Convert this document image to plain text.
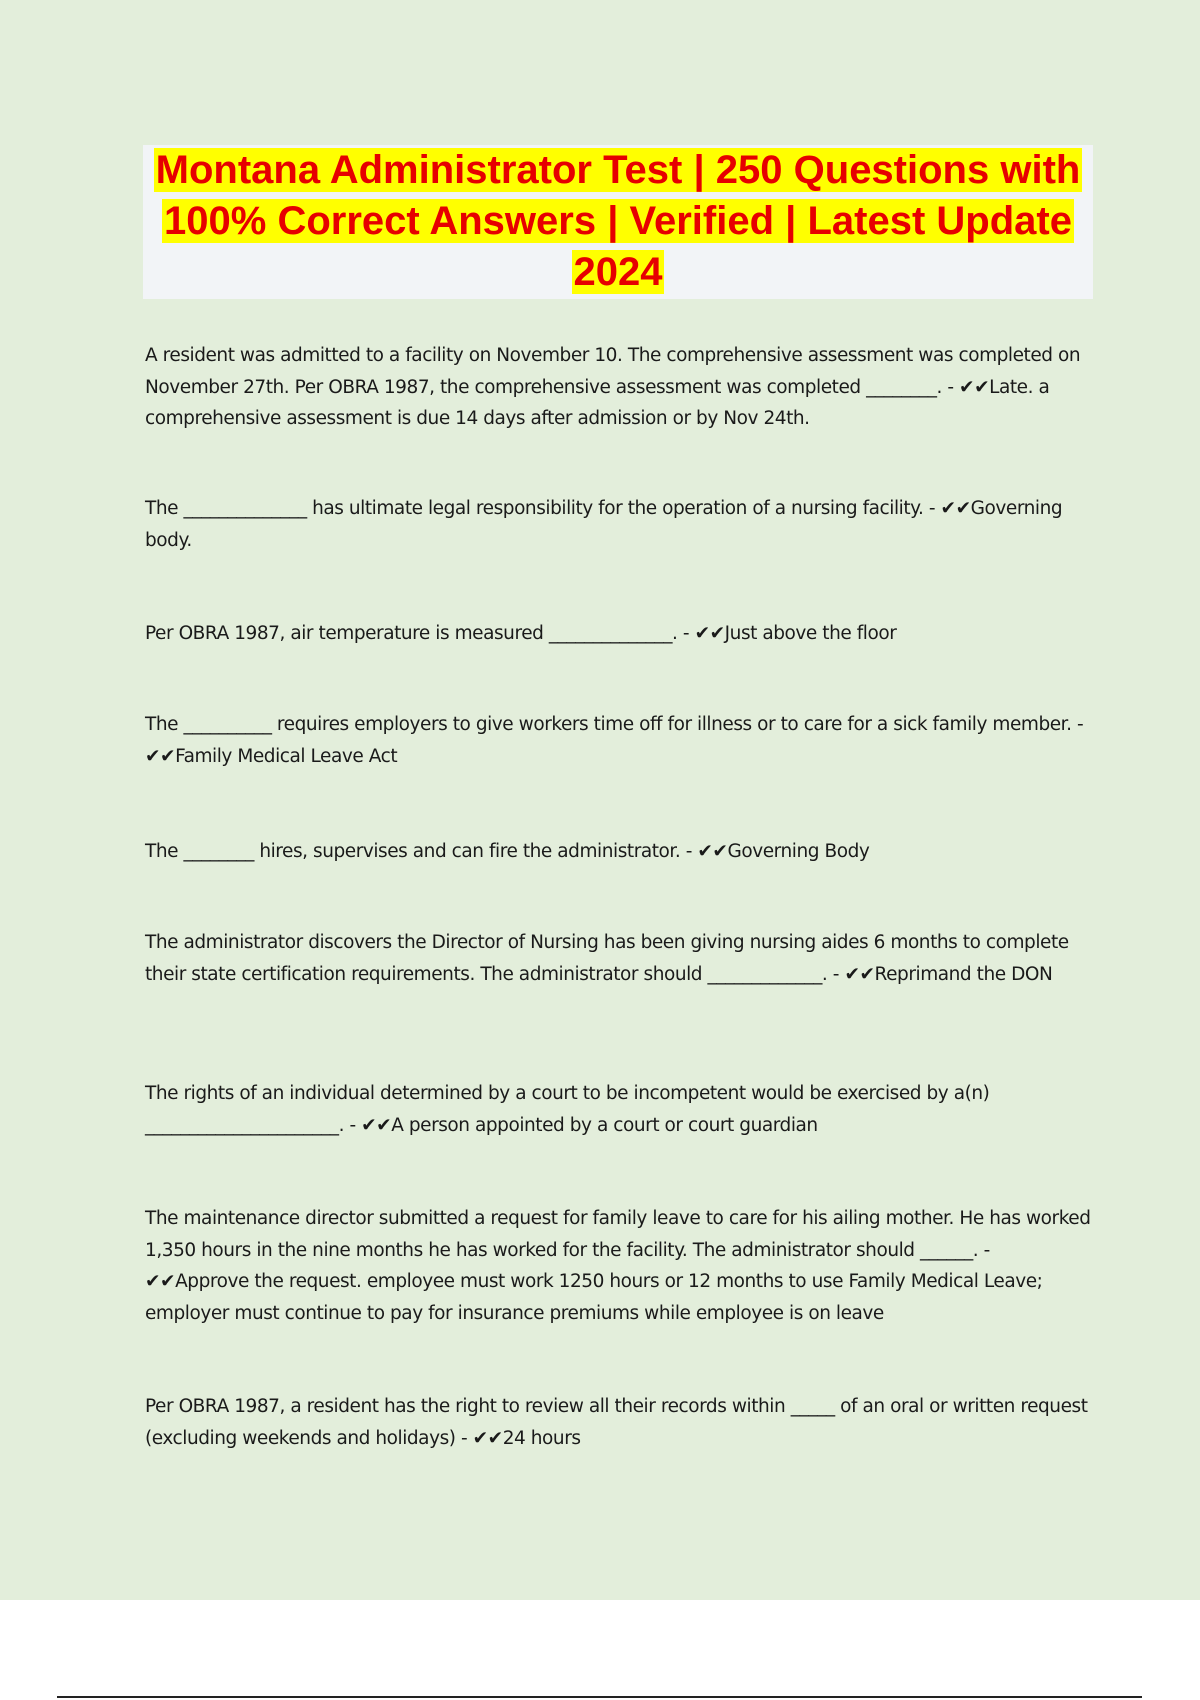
Montana Administrator Test | 250 Questions with 100% Correct Answers | Verified | Latest Update 2024
A resident was admitted to a facility on November 10. The comprehensive assessment was completed on November 27th. Per OBRA 1987, the comprehensive assessment was completed ________. - ✔✔Late. a comprehensive assessment is due 14 days after admission or by Nov 24th.
The ______________ has ultimate legal responsibility for the operation of a nursing facility. - ✔✔Governing body.
Per OBRA 1987, air temperature is measured ______________. - ✔✔Just above the floor
The __________ requires employers to give workers time off for illness or to care for a sick family member. - ✔✔Family Medical Leave Act
The ________ hires, supervises and can fire the administrator. - ✔✔Governing Body
The administrator discovers the Director of Nursing has been giving nursing aides 6 months to complete their state certification requirements. The administrator should _____________. - ✔✔Reprimand the DON
The rights of an individual determined by a court to be incompetent would be exercised by a(n) ______________________. - ✔✔A person appointed by a court or court guardian
The maintenance director submitted a request for family leave to care for his ailing mother. He has worked 1,350 hours in the nine months he has worked for the facility. The administrator should ______. - ✔✔Approve the request. employee must work 1250 hours or 12 months to use Family Medical Leave; employer must continue to pay for insurance premiums while employee is on leave
Per OBRA 1987, a resident has the right to review all their records within _____ of an oral or written request (excluding weekends and holidays) - ✔✔24 hours
